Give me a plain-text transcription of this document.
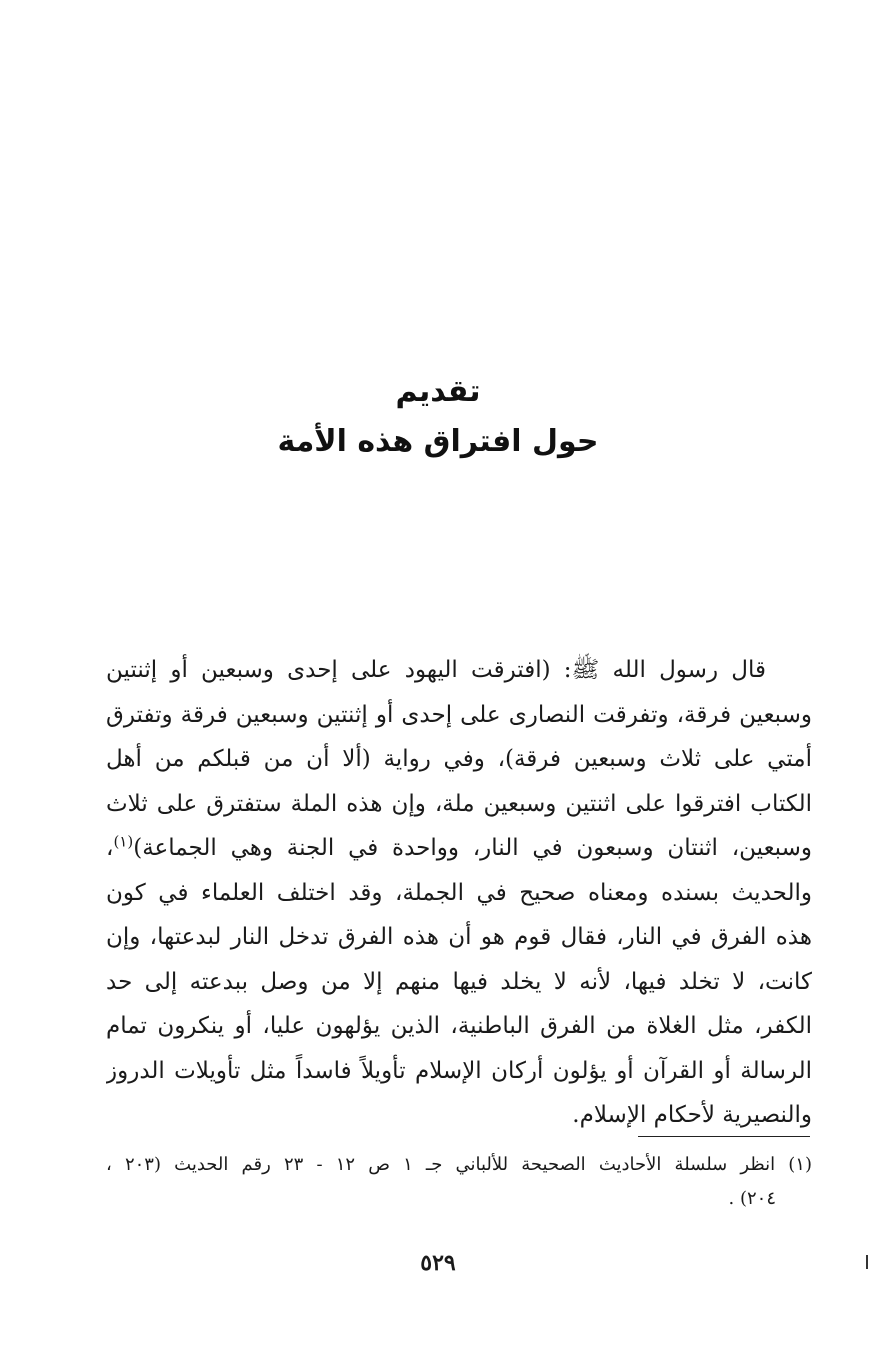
تقديم
حول افتراق هذه الأمة
قال رسول الله ﷺ: (افترقت اليهود على إحدى وسبعين أو إثنتين
وسبعين فرقة، وتفرقت النصارى على إحدى أو إثنتين وسبعين فرقة وتفترق
أمتي على ثلاث وسبعين فرقة)، وفي رواية (ألا أن من قبلكم من أهل
الكتاب افترقوا على اثنتين وسبعين ملة، وإن هذه الملة ستفترق على ثلاث
وسبعين، اثنتان وسبعون في النار، وواحدة في الجنة وهي الجماعة)$^{(١)}$،
والحديث بسنده ومعناه صحيح في الجملة، وقد اختلف العلماء في كون
هذه الفرق في النار، فقال قوم هو أن هذه الفرق تدخل النار لبدعتها، وإن
كانت، لا تخلد فيها، لأنه لا يخلد فيها منهم إلا من وصل ببدعته إلى حد
الكفر، مثل الغلاة من الفرق الباطنية، الذين يؤلهون عليا، أو ينكرون تمام
الرسالة أو القرآن أو يؤلون أركان الإسلام تأويلاً فاسداً مثل تأويلات الدروز
والنصيرية لأحكام الإسلام.
(١) انظر سلسلة الأحاديث الصحيحة للألباني جـ ١ ص ١٢ - ٢٣ رقم الحديث (٢٠٣ ،
٢٠٤) .
٥٢٩
